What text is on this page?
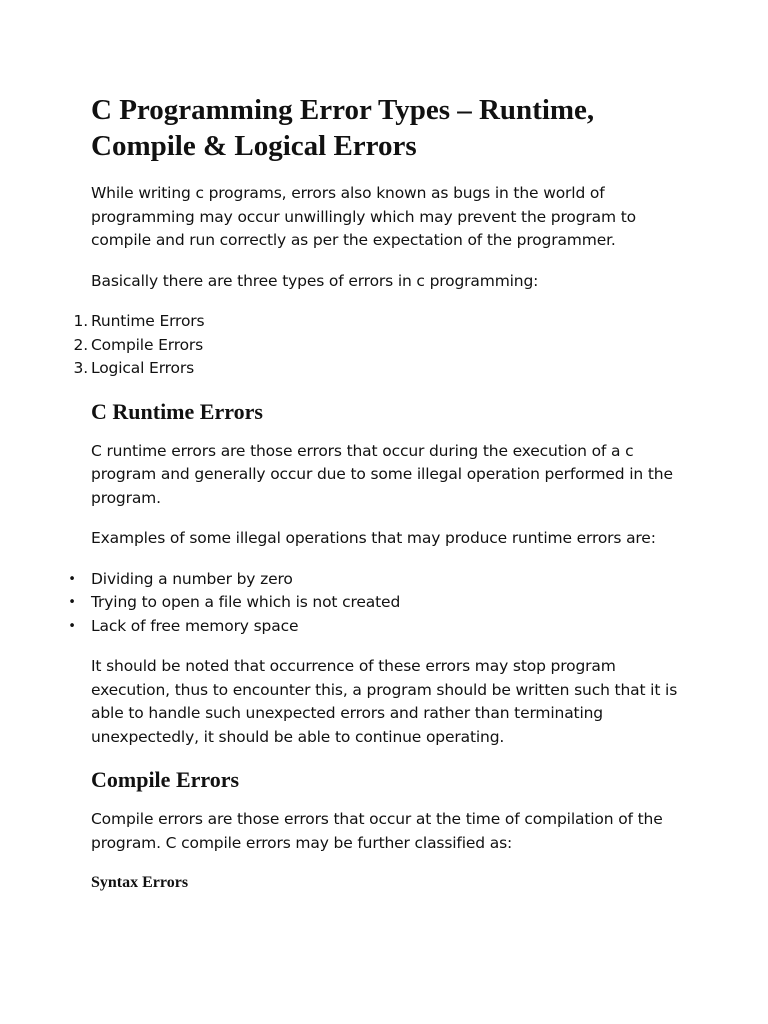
C Programming Error Types – Runtime, Compile & Logical Errors

While writing c programs, errors also known as bugs in the world of programming may occur unwillingly which may prevent the program to compile and run correctly as per the expectation of the programmer.

Basically there are three types of errors in c programming:

1. Runtime Errors
2. Compile Errors
3. Logical Errors
C Runtime Errors

C runtime errors are those errors that occur during the execution of a c program and generally occur due to some illegal operation performed in the program.

Examples of some illegal operations that may produce runtime errors are:

• Dividing a number by zero
• Trying to open a file which is not created
• Lack of free memory space

It should be noted that occurrence of these errors may stop program execution, thus to encounter this, a program should be written such that it is able to handle such unexpected errors and rather than terminating unexpectedly, it should be able to continue operating.

Compile Errors

Compile errors are those errors that occur at the time of compilation of the program. C compile errors may be further classified as:

Syntax Errors
